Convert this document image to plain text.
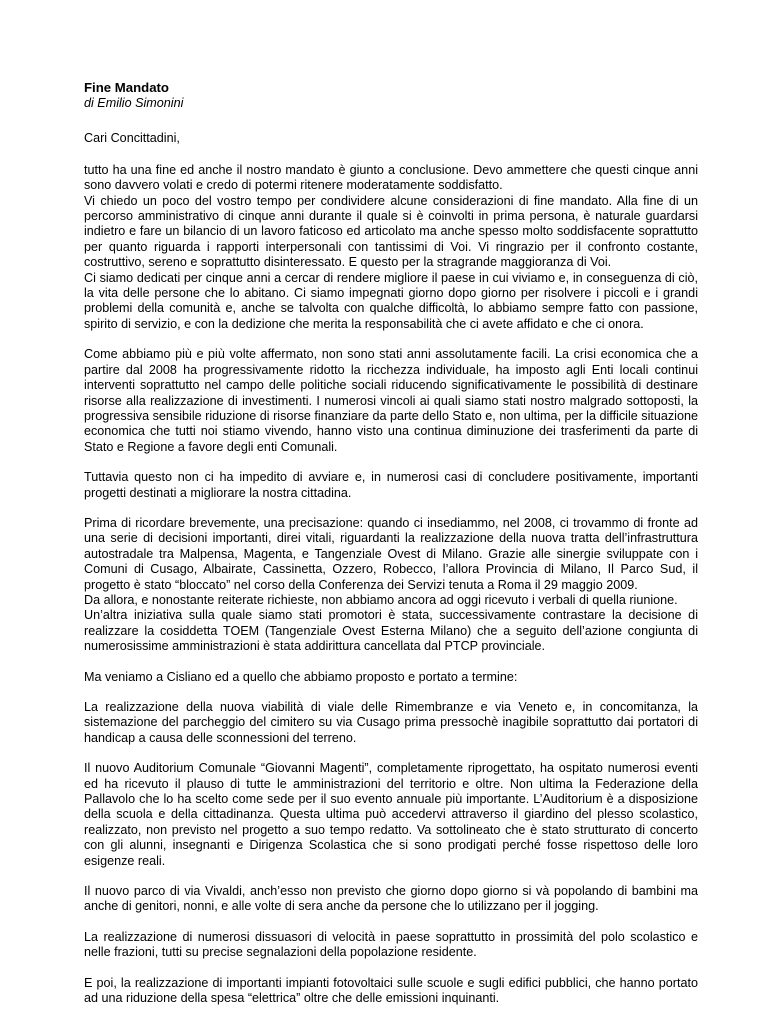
Fine Mandato

di Emilio Simonini

Cari Concittadini,

tutto ha una fine ed anche il nostro mandato è giunto a conclusione. Devo ammettere che questi cinque anni sono davvero volati e credo di potermi ritenere moderatamente soddisfatto.
Vi chiedo un poco del vostro tempo per condividere alcune considerazioni di fine mandato. Alla fine di un percorso amministrativo di cinque anni durante il quale si è coinvolti in prima persona, è naturale guardarsi indietro e fare un bilancio di un lavoro faticoso ed articolato ma anche spesso molto soddisfacente soprattutto per quanto riguarda i rapporti interpersonali con tantissimi di Voi. Vi ringrazio per il confronto costante, costruttivo, sereno e soprattutto disinteressato. E questo per la stragrande maggioranza di Voi.
Ci siamo dedicati per cinque anni a cercar di rendere migliore il paese in cui viviamo e, in conseguenza di ciò, la vita delle persone che lo abitano. Ci siamo impegnati giorno dopo giorno per risolvere i piccoli e i grandi problemi della comunità e, anche se talvolta con qualche difficoltà, lo abbiamo sempre fatto con passione, spirito di servizio, e con la dedizione che merita la responsabilità che ci avete affidato e che ci onora.

Come abbiamo più e più volte affermato, non sono stati anni assolutamente facili. La crisi economica che a partire dal 2008 ha progressivamente ridotto la ricchezza individuale, ha imposto agli Enti locali continui interventi soprattutto nel campo delle politiche sociali riducendo significativamente le possibilità di destinare risorse alla realizzazione di investimenti. I numerosi vincoli ai quali siamo stati nostro malgrado sottoposti, la progressiva sensibile riduzione di risorse finanziare da parte dello Stato e, non ultima, per la difficile situazione economica che tutti noi stiamo vivendo, hanno visto una continua diminuzione dei trasferimenti da parte di Stato e Regione a favore degli enti Comunali.

Tuttavia questo non ci ha impedito di avviare e, in numerosi casi di concludere positivamente, importanti progetti destinati a migliorare la nostra cittadina.

Prima di ricordare brevemente, una precisazione: quando ci insediammo, nel 2008, ci trovammo di fronte ad una serie di decisioni importanti, direi vitali, riguardanti la realizzazione della nuova tratta dell’infrastruttura autostradale tra Malpensa, Magenta, e Tangenziale Ovest di Milano. Grazie alle sinergie sviluppate con i Comuni di Cusago, Albairate, Cassinetta, Ozzero, Robecco, l’allora Provincia di Milano, Il Parco Sud, il progetto è stato “bloccato” nel corso della Conferenza dei Servizi tenuta a Roma il 29 maggio 2009.
Da allora, e nonostante reiterate richieste, non abbiamo ancora ad oggi ricevuto i verbali di quella riunione.
Un’altra iniziativa sulla quale siamo stati promotori è stata, successivamente contrastare la decisione di realizzare la cosiddetta TOEM (Tangenziale Ovest Esterna Milano) che a seguito dell’azione congiunta di numerosissime amministrazioni è stata addirittura cancellata dal PTCP provinciale.

Ma veniamo a Cisliano ed a quello che abbiamo proposto e portato a termine:

La realizzazione della nuova viabilità di viale delle Rimembranze e via Veneto e, in concomitanza, la sistemazione del parcheggio del cimitero su via Cusago prima pressochè inagibile soprattutto dai portatori di handicap a causa delle sconnessioni del terreno.

Il nuovo Auditorium Comunale “Giovanni Magenti”, completamente riprogettato, ha ospitato numerosi eventi ed ha ricevuto il plauso di tutte le amministrazioni del territorio e oltre. Non ultima la Federazione della Pallavolo che lo ha scelto come sede per il suo evento annuale più importante. L’Auditorium è a disposizione della scuola e della cittadinanza. Questa ultima può accedervi attraverso il giardino del plesso scolastico, realizzato, non previsto nel progetto a suo tempo redatto. Va sottolineato che è stato strutturato di concerto con gli alunni, insegnanti e Dirigenza Scolastica che si sono prodigati perché fosse rispettoso delle loro esigenze reali.

Il nuovo parco di via Vivaldi, anch’esso non previsto che giorno dopo giorno si và popolando di bambini ma anche di genitori, nonni, e alle volte di sera anche da persone che lo utilizzano per il jogging.

La realizzazione di numerosi dissuasori di velocità in paese soprattutto in prossimità del polo scolastico e nelle frazioni, tutti su precise segnalazioni della popolazione residente.

E poi, la realizzazione di importanti impianti fotovoltaici sulle scuole e sugli edifici pubblici, che hanno portato ad una riduzione della spesa “elettrica” oltre che delle emissioni inquinanti.
